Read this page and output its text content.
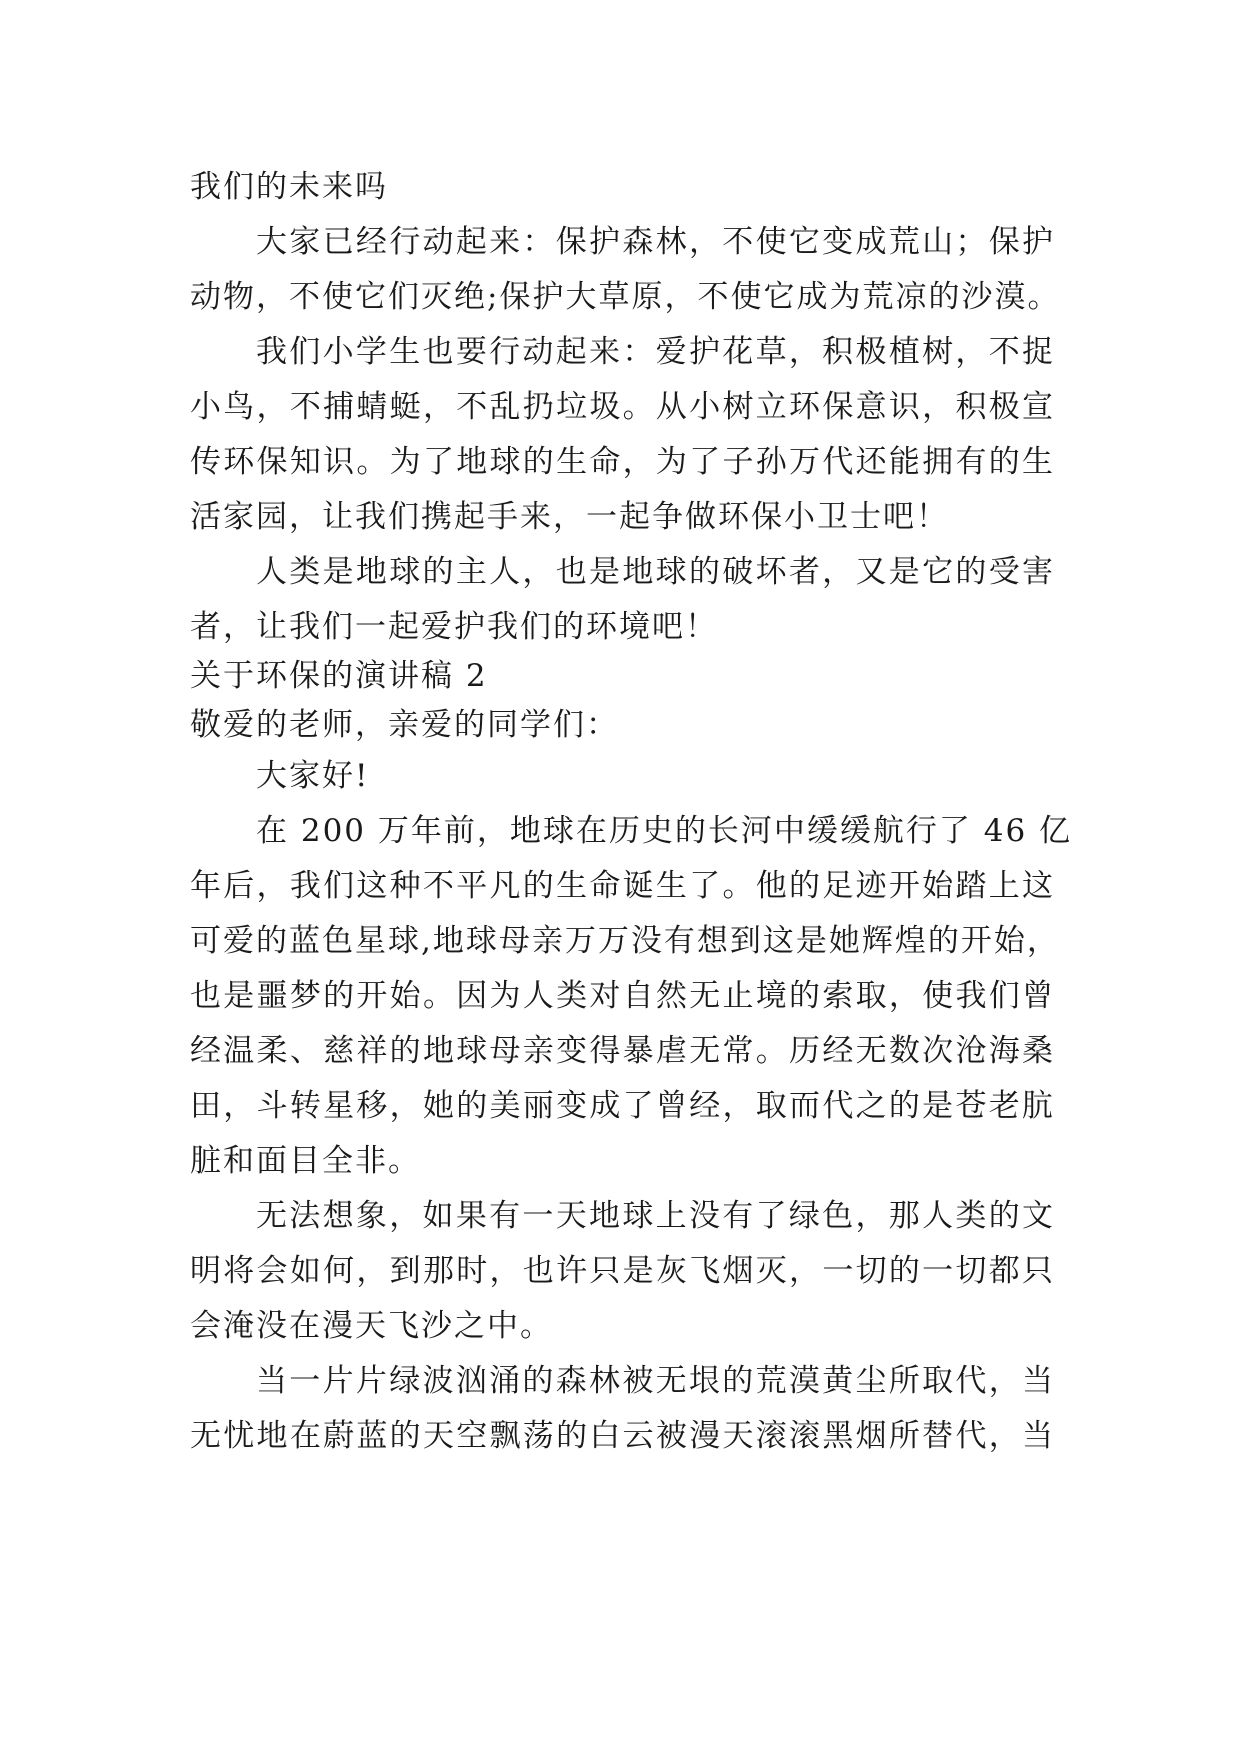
我们的未来吗
大家已经行动起来：保护森林，不使它变成荒山；保护
动物，不使它们灭绝;保护大草原，不使它成为荒凉的沙漠。
我们小学生也要行动起来：爱护花草，积极植树，不捉
小鸟，不捕蜻蜓，不乱扔垃圾。从小树立环保意识，积极宣
传环保知识。为了地球的生命，为了子孙万代还能拥有的生
活家园，让我们携起手来，一起争做环保小卫士吧！
人类是地球的主人，也是地球的破坏者，又是它的受害
者，让我们一起爱护我们的环境吧！
关于环保的演讲稿 2
敬爱的老师，亲爱的同学们：
大家好!
在 200 万年前，地球在历史的长河中缓缓航行了 46 亿
年后，我们这种不平凡的生命诞生了。他的足迹开始踏上这
可爱的蓝色星球,地球母亲万万没有想到这是她辉煌的开始，
也是噩梦的开始。因为人类对自然无止境的索取，使我们曾
经温柔、慈祥的地球母亲变得暴虐无常。历经无数次沧海桑
田，斗转星移，她的美丽变成了曾经，取而代之的是苍老肮
脏和面目全非。
无法想象，如果有一天地球上没有了绿色，那人类的文
明将会如何，到那时，也许只是灰飞烟灭，一切的一切都只
会淹没在漫天飞沙之中。
当一片片绿波汹涌的森林被无垠的荒漠黄尘所取代，当
无忧地在蔚蓝的天空飘荡的白云被漫天滚滚黑烟所替代，当
